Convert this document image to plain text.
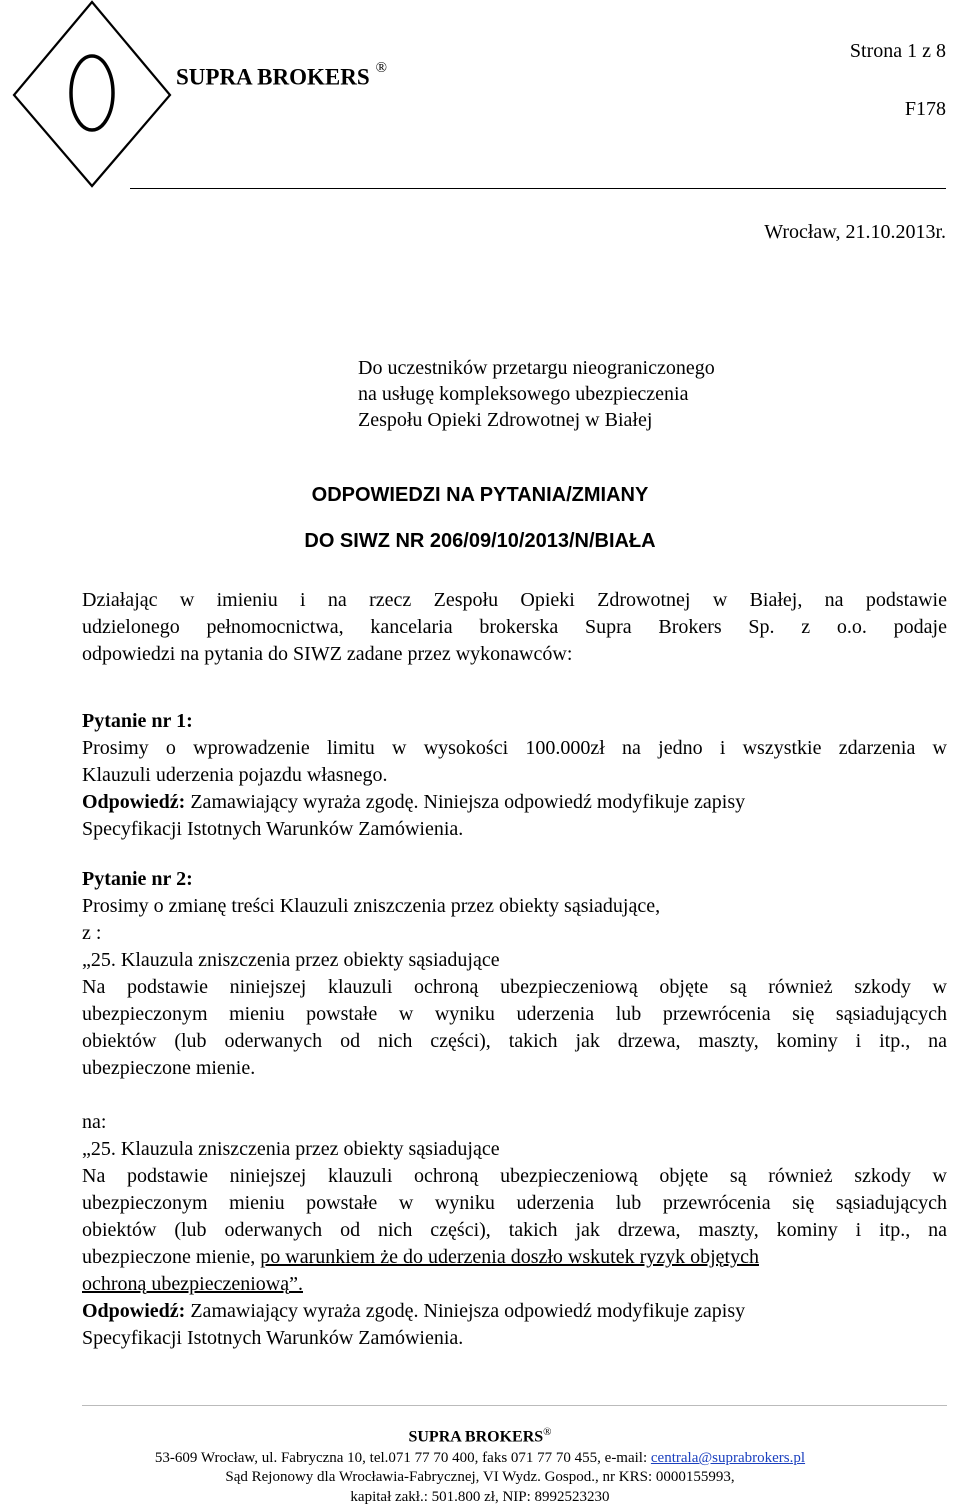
SUPRA BROKERS ®
Strona 1 z 8
F178
Wrocław, 21.10.2013r.
Do uczestników przetargu nieograniczonego
na usługę kompleksowego ubezpieczenia
Zespołu Opieki Zdrowotnej w Białej
ODPOWIEDZI NA PYTANIA/ZMIANY
DO SIWZ NR 206/09/10/2013/N/BIAŁA
Działając w imieniu i na rzecz Zespołu Opieki Zdrowotnej w Białej, na podstawie
udzielonego pełnomocnictwa, kancelaria brokerska Supra Brokers Sp. z o.o. podaje
odpowiedzi na pytania do SIWZ zadane przez wykonawców:
Pytanie nr 1:
Prosimy o wprowadzenie limitu w wysokości 100.000zł na jedno i wszystkie zdarzenia w
Klauzuli uderzenia pojazdu własnego.
Odpowiedź: Zamawiający wyraża zgodę. Niniejsza odpowiedź modyfikuje zapisy
Specyfikacji Istotnych Warunków Zamówienia.
Pytanie nr 2:
Prosimy o zmianę treści Klauzuli zniszczenia przez obiekty sąsiadujące,
z :
„25. Klauzula zniszczenia przez obiekty sąsiadujące
Na podstawie niniejszej klauzuli ochroną ubezpieczeniową objęte są również szkody w
ubezpieczonym mieniu powstałe w wyniku uderzenia lub przewrócenia się sąsiadujących
obiektów (lub oderwanych od nich części), takich jak drzewa, maszty, kominy i itp., na
ubezpieczone mienie.
na:
„25. Klauzula zniszczenia przez obiekty sąsiadujące
Na podstawie niniejszej klauzuli ochroną ubezpieczeniową objęte są również szkody w
ubezpieczonym mieniu powstałe w wyniku uderzenia lub przewrócenia się sąsiadujących
obiektów (lub oderwanych od nich części), takich jak drzewa, maszty, kominy i itp., na
ubezpieczone mienie, po warunkiem że do uderzenia doszło wskutek ryzyk objętych
ochroną ubezpieczeniową”.
Odpowiedź: Zamawiający wyraża zgodę. Niniejsza odpowiedź modyfikuje zapisy
Specyfikacji Istotnych Warunków Zamówienia.
SUPRA BROKERS®
53-609 Wrocław, ul. Fabryczna 10, tel.071 77 70 400, faks 071 77 70 455, e-mail: centrala@suprabrokers.pl
Sąd Rejonowy dla Wrocławia-Fabrycznej, VI Wydz. Gospod., nr KRS: 0000155993,
kapitał zakł.: 501.800 zł, NIP: 8992523230
